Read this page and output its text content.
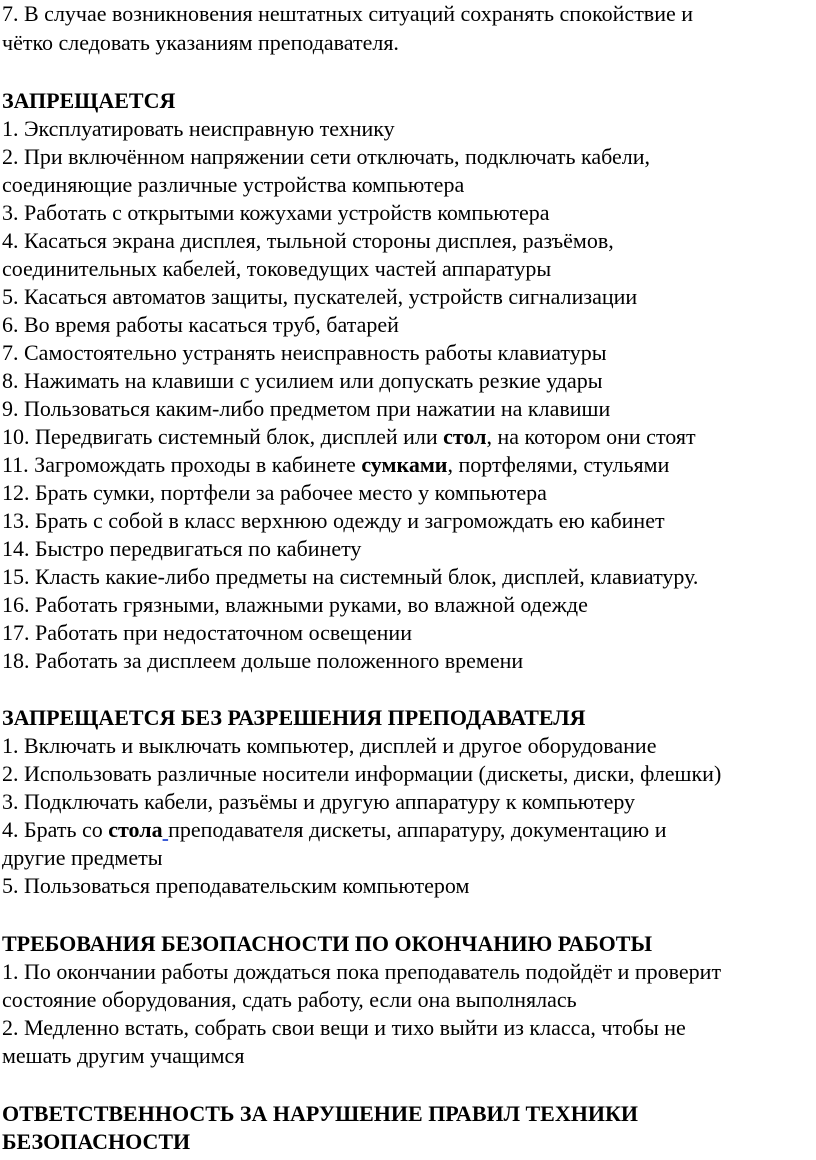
7. В случае возникновения нештатных ситуаций сохранять спокойствие и
чётко следовать указаниям преподавателя.
ЗАПРЕЩАЕТСЯ
1. Эксплуатировать неисправную технику
2. При включённом напряжении сети отключать, подключать кабели,
соединяющие различные устройства компьютера
3. Работать с открытыми кожухами устройств компьютера
4. Касаться экрана дисплея, тыльной стороны дисплея, разъёмов,
соединительных кабелей, токоведущих частей аппаратуры
5. Касаться автоматов защиты, пускателей, устройств сигнализации
6. Во время работы касаться труб, батарей
7. Самостоятельно устранять неисправность работы клавиатуры
8. Нажимать на клавиши с усилием или допускать резкие удары
9. Пользоваться каким-либо предметом при нажатии на клавиши
10. Передвигать системный блок, дисплей или стол, на котором они стоят
11. Загромождать проходы в кабинете сумками, портфелями, стульями
12. Брать сумки, портфели за рабочее место у компьютера
13. Брать с собой в класс верхнюю одежду и загромождать ею кабинет
14. Быстро передвигаться по кабинету
15. Класть какие-либо предметы на системный блок, дисплей, клавиатуру.
16. Работать грязными, влажными руками, во влажной одежде
17. Работать при недостаточном освещении
18. Работать за дисплеем дольше положенного времени
ЗАПРЕЩАЕТСЯ БЕЗ РАЗРЕШЕНИЯ ПРЕПОДАВАТЕЛЯ
1. Включать и выключать компьютер, дисплей и другое оборудование
2. Использовать различные носители информации (дискеты, диски, флешки)
3. Подключать кабели, разъёмы и другую аппаратуру к компьютеру
4. Брать со стола преподавателя дискеты, аппаратуру, документацию и
другие предметы
5. Пользоваться преподавательским компьютером
ТРЕБОВАНИЯ БЕЗОПАСНОСТИ ПО ОКОНЧАНИЮ РАБОТЫ
1. По окончании работы дождаться пока преподаватель подойдёт и проверит
состояние оборудования, сдать работу, если она выполнялась
2. Медленно встать, собрать свои вещи и тихо выйти из класса, чтобы не
мешать другим учащимся
ОТВЕТСТВЕННОСТЬ ЗА НАРУШЕНИЕ ПРАВИЛ ТЕХНИКИ
БЕЗОПАСНОСТИ
